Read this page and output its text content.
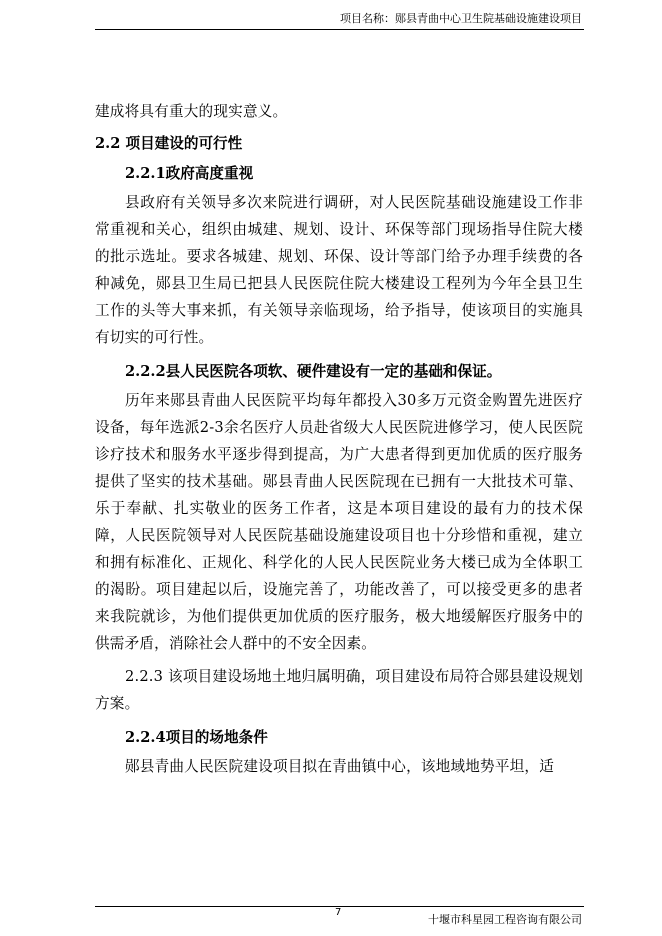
项目名称：郧县青曲中心卫生院基础设施建设项目

建成将具有重大的现实意义。

2.2 项目建设的可行性

2.2.1政府高度重视

县政府有关领导多次来院进行调研，对人民医院基础设施建设工作非常重视和关心，组织由城建、规划、设计、环保等部门现场指导住院大楼的批示选址。要求各城建、规划、环保、设计等部门给予办理手续费的各种减免，郧县卫生局已把县人民医院住院大楼建设工程列为今年全县卫生工作的头等大事来抓，有关领导亲临现场，给予指导，使该项目的实施具有切实的可行性。

2.2.2县人民医院各项软、硬件建设有一定的基础和保证。

历年来郧县青曲人民医院平均每年都投入30多万元资金购置先进医疗设备，每年选派2-3余名医疗人员赴省级大人民医院进修学习，使人民医院诊疗技术和服务水平逐步得到提高，为广大患者得到更加优质的医疗服务提供了坚实的技术基础。郧县青曲人民医院现在已拥有一大批技术可靠、乐于奉献、扎实敬业的医务工作者，这是本项目建设的最有力的技术保障，人民医院领导对人民医院基础设施建设项目也十分珍惜和重视，建立和拥有标准化、正规化、科学化的人民人民医院业务大楼已成为全体职工的渴盼。项目建起以后，设施完善了，功能改善了，可以接受更多的患者来我院就诊，为他们提供更加优质的医疗服务，极大地缓解医疗服务中的供需矛盾，消除社会人群中的不安全因素。

2.2.3 该项目建设场地土地归属明确，项目建设布局符合郧县建设规划方案。

2.2.4项目的场地条件

郧县青曲人民医院建设项目拟在青曲镇中心，该地域地势平坦，适

7
十堰市科星园工程咨询有限公司
